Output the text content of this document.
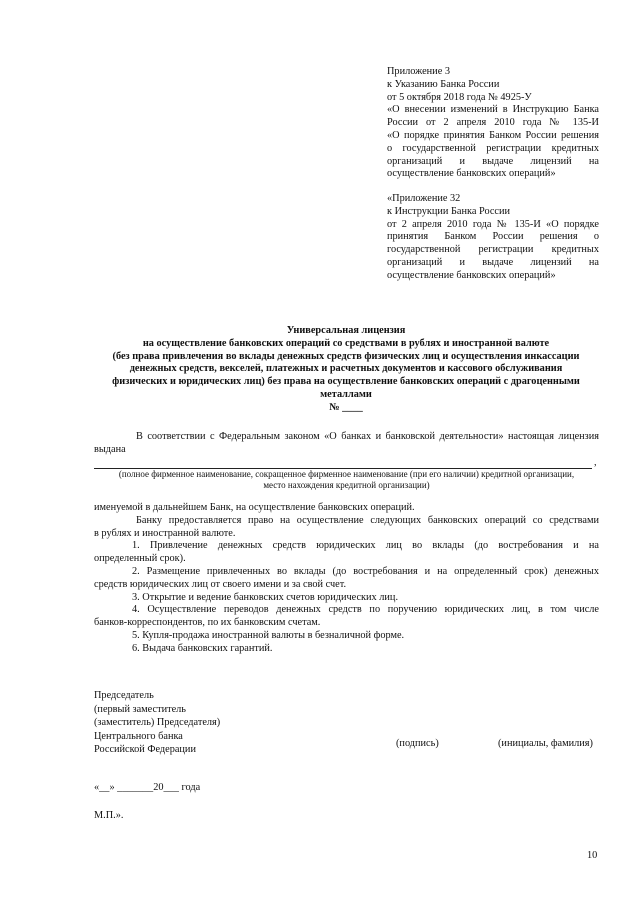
Приложение 3
к Указанию Банка России
от 5 октября 2018 года № 4925-У
«О внесении изменений в Инструкцию Банка
России от 2 апреля 2010 года № 135-И
«О порядке принятия Банком России решения
о государственной регистрации кредитных
организаций и выдаче лицензий на
осуществление банковских операций»
«Приложение 32
к Инструкции Банка России
от 2 апреля 2010 года № 135-И «О порядке
принятия Банком России решения о
государственной регистрации кредитных
организаций и выдаче лицензий на
осуществление банковских операций»
Универсальная лицензия
на осуществление банковских операций со средствами в рублях и иностранной валюте
(без права привлечения во вклады денежных средств физических лиц и осуществления инкассации
денежных средств, векселей, платежных и расчетных документов и кассового обслуживания
физических и юридических лиц) без права на осуществление банковских операций с драгоценными
металлами
№ ____
В соответствии с Федеральным законом «О банках и банковской деятельности» настоящая лицензия
выдана
,
(полное фирменное наименование, сокращенное фирменное наименование (при его наличии) кредитной организации,
место нахождения кредитной организации)
именуемой в дальнейшем Банк, на осуществление банковских операций.
Банку предоставляется право на осуществление следующих банковских операций со средствами
в рублях и иностранной валюте.
1. Привлечение денежных средств юридических лиц во вклады (до востребования и на
определенный срок).
2. Размещение привлеченных во вклады (до востребования и на определенный срок) денежных
средств юридических лиц от своего имени и за свой счет.
3. Открытие и ведение банковских счетов юридических лиц.
4. Осуществление переводов денежных средств по поручению юридических лиц, в том числе
банков-корреспондентов, по их банковским счетам.
5. Купля-продажа иностранной валюты в безналичной форме.
6. Выдача банковских гарантий.
Председатель
(первый заместитель
(заместитель) Председателя)
Центрального банка
Российской Федерации
(подпись)	(инициалы, фамилия)
«__» _______20___ года
М.П.».
10
